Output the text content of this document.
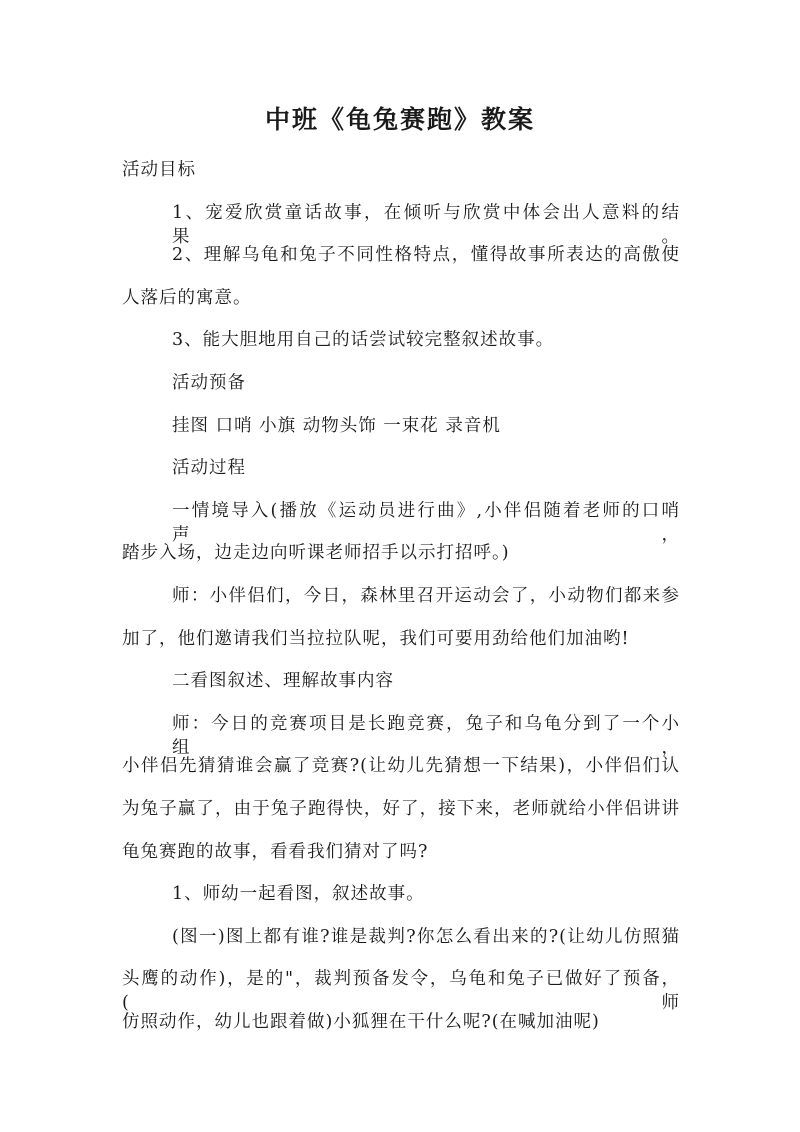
中班《龟兔赛跑》教案
活动目标
1、宠爱欣赏童话故事，在倾听与欣赏中体会出人意料的结果。
2、理解乌龟和兔子不同性格特点，懂得故事所表达的高傲使
人落后的寓意。
3、能大胆地用自己的话尝试较完整叙述故事。
活动预备
挂图 口哨 小旗 动物头饰 一束花 录音机
活动过程
一情境导入(播放《运动员进行曲》,小伴侣随着老师的口哨声，
踏步入场，边走边向听课老师招手以示打招呼。)
师：小伴侣们，今日，森林里召开运动会了，小动物们都来参
加了，他们邀请我们当拉拉队呢，我们可要用劲给他们加油哟!
二看图叙述、理解故事内容
师：今日的竞赛项目是长跑竞赛，兔子和乌龟分到了一个小组，
小伴侣先猜猜谁会赢了竞赛?(让幼儿先猜想一下结果)，小伴侣们认
为兔子赢了，由于兔子跑得快，好了，接下来，老师就给小伴侣讲讲
龟兔赛跑的故事，看看我们猜对了吗?
1、师幼一起看图，叙述故事。
(图一)图上都有谁?谁是裁判?你怎么看出来的?(让幼儿仿照猫
头鹰的动作)，是的"，裁判预备发令，乌龟和兔子已做好了预备，(师
仿照动作，幼儿也跟着做)小狐狸在干什么呢?(在喊加油呢)
